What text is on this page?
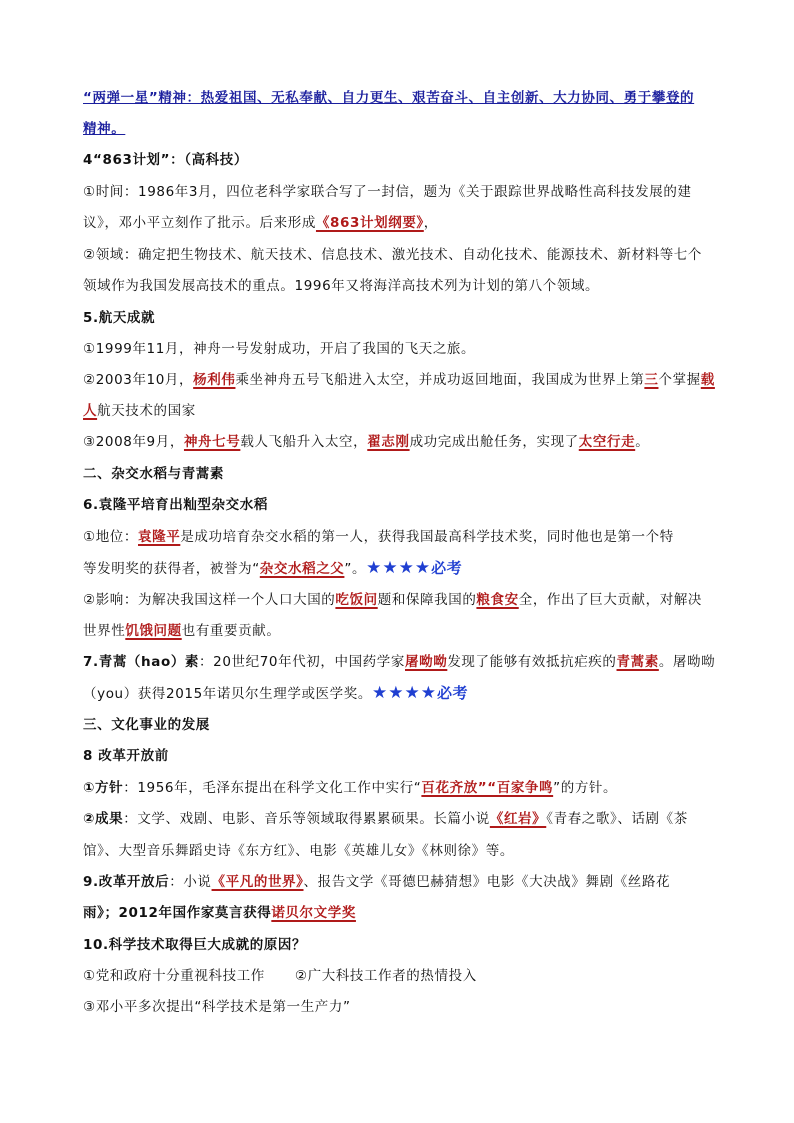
“两弹一星”精神：热爱祖国、无私奉献、自力更生、艰苦奋斗、自主创新、大力协同、勇于攀登的
精神。
4“863计划”：（高科技）
①时间：1986年3月，四位老科学家联合写了一封信，题为《关于跟踪世界战略性高科技发展的建
议》，邓小平立刻作了批示。后来形成《863计划纲要》，
②领域：确定把生物技术、航天技术、信息技术、激光技术、自动化技术、能源技术、新材料等七个
领域作为我国发展高技术的重点。1996年又将海洋高技术列为计划的第八个领域。
5.航天成就
①1999年11月，神舟一号发射成功，开启了我国的飞天之旅。
②2003年10月，杨利伟乘坐神舟五号飞船进入太空，并成功返回地面，我国成为世界上第三个掌握载
人航天技术的国家
③2008年9月，神舟七号载人飞船升入太空，翟志刚成功完成出舱任务，实现了太空行走。
二、杂交水稻与青蒿素
6.袁隆平培育出籼型杂交水稻
①地位：袁隆平是成功培育杂交水稻的第一人，获得我国最高科学技术奖，同时他也是第一个特
等发明奖的获得者，被誉为“杂交水稻之父”。★★★★必考
②影响：为解决我国这样一个人口大国的吃饭问题和保障我国的粮食安全，作出了巨大贡献，对解决
世界性饥饿问题也有重要贡献。
7.青蒿（hao）素：20世纪70年代初，中国药学家屠呦呦发现了能够有效抵抗疟疾的青蒿素。屠呦呦
（you）获得2015年诺贝尔生理学或医学奖。★★★★必考
三、文化事业的发展
8 改革开放前
①方针：1956年，毛泽东提出在科学文化工作中实行“百花齐放”“百家争鸣”的方针。
②成果：文学、戏剧、电影、音乐等领域取得累累硕果。长篇小说《红岩》《青春之歌》、话剧《茶
馆》、大型音乐舞蹈史诗《东方红》、电影《英雄儿女》《林则徐》等。
9.改革开放后：小说《平凡的世界》、报告文学《哥德巴赫猜想》电影《大决战》舞剧《丝路花
雨》；2012年国作家莫言获得诺贝尔文学奖
10.科学技术取得巨大成就的原因？
①党和政府十分重视科技工作 ②广大科技工作者的热情投入
③邓小平多次提出“科学技术是第一生产力”
